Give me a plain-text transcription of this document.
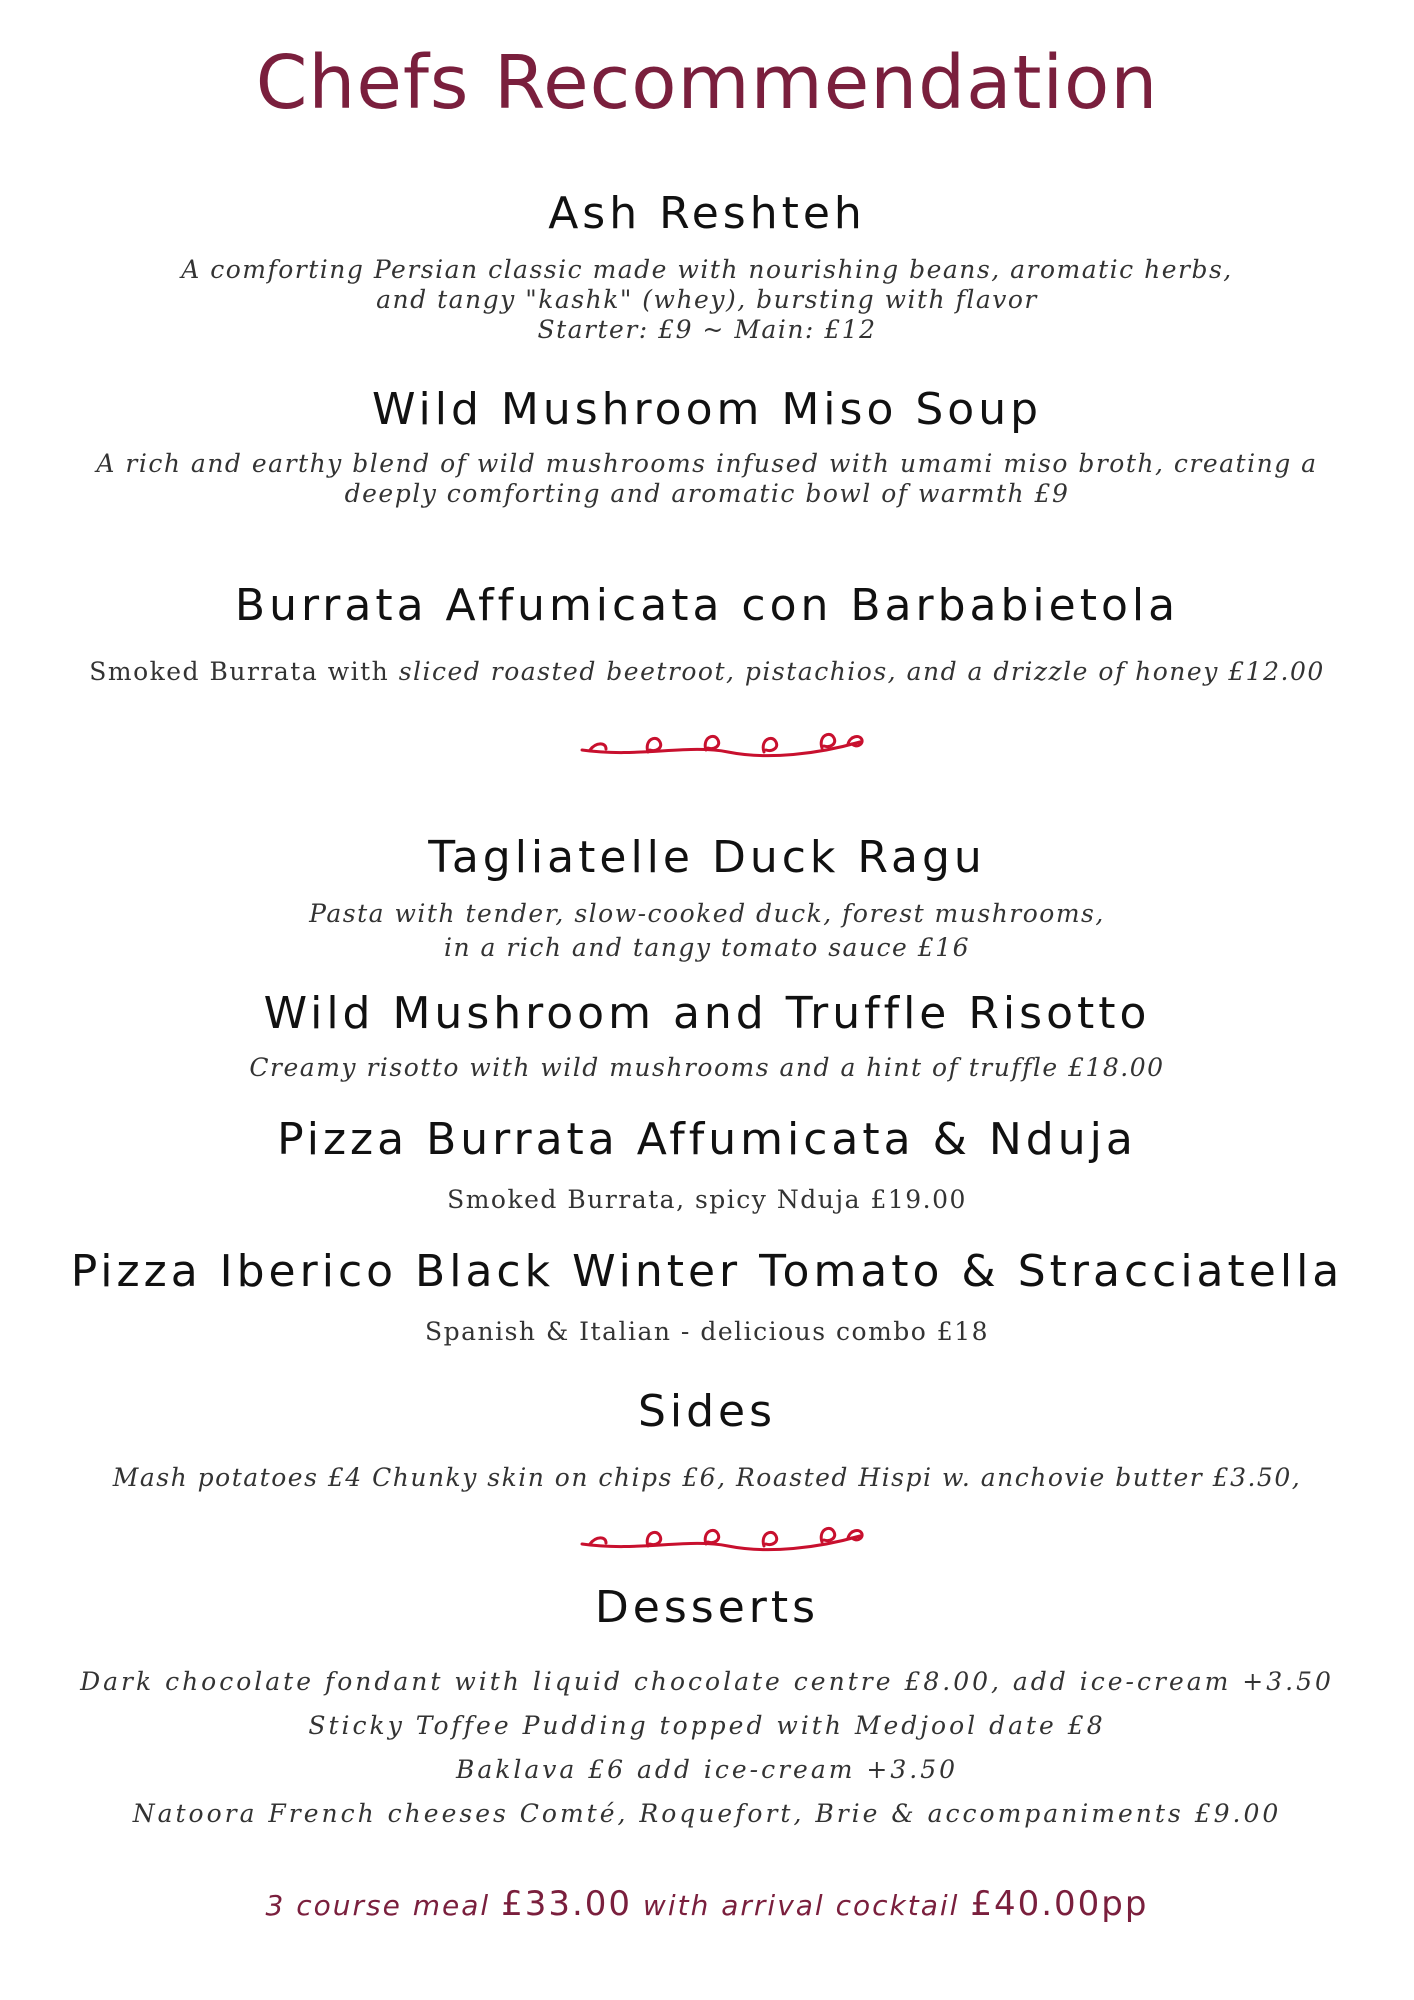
Chefs Recommendation
Ash Reshteh
A comforting Persian classic made with nourishing beans, aromatic herbs,
and tangy "kashk" (whey), bursting with flavor
Starter: £9 ~ Main: £12
Wild Mushroom Miso Soup
A rich and earthy blend of wild mushrooms infused with umami miso broth, creating a
deeply comforting and aromatic bowl of warmth £9
Burrata Affumicata con Barbabietola
Smoked Burrata with sliced roasted beetroot, pistachios, and a drizzle of honey £12.00
Tagliatelle Duck Ragu
Pasta with tender, slow-cooked duck, forest mushrooms,
in a rich and tangy tomato sauce £16
Wild Mushroom and Truffle Risotto
Creamy risotto with wild mushrooms and a hint of truffle £18.00
Pizza Burrata Affumicata & Nduja
Smoked Burrata, spicy Nduja £19.00
Pizza Iberico Black Winter Tomato & Stracciatella
Spanish & Italian - delicious combo £18
Sides
Mash potatoes £4 Chunky skin on chips £6, Roasted Hispi w. anchovie butter £3.50,
Desserts
Dark chocolate fondant with liquid chocolate centre £8.00, add ice-cream +3.50
Sticky Toffee Pudding topped with Medjool date £8
Baklava £6 add ice-cream +3.50
Natoora French cheeses Comté, Roquefort, Brie & accompaniments £9.00
3 course meal £33.00 with arrival cocktail £40.00pp
